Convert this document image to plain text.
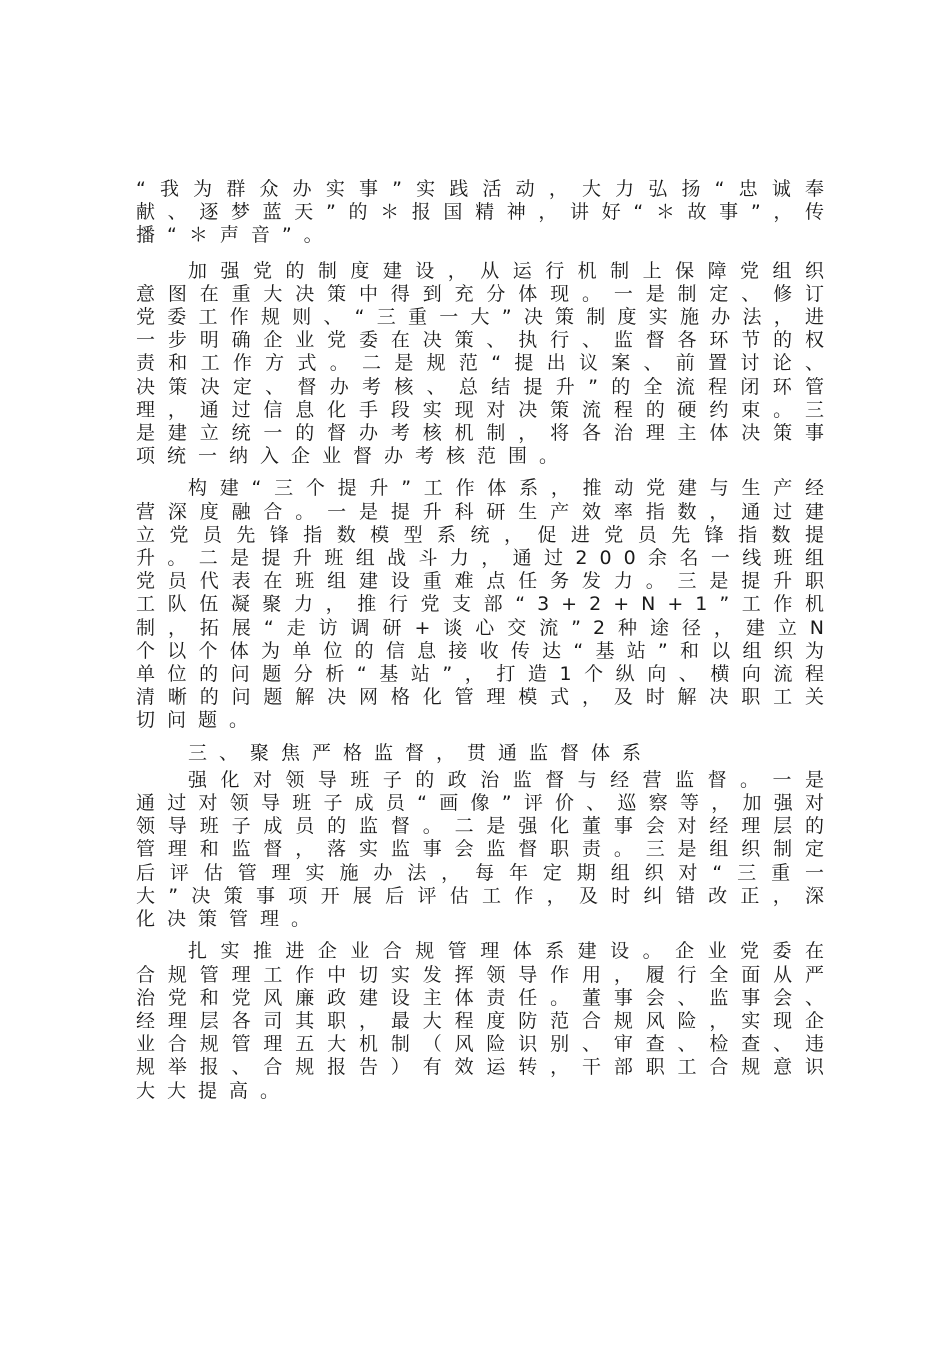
“我为群众办实事”实践活动，大力弘扬“忠诚奉献、逐梦蓝天”的＊报国精神，讲好“＊故事”，传播“＊声音”。

加强党的制度建设，从运行机制上保障党组织意图在重大决策中得到充分体现。一是制定、修订党委工作规则、“三重一大”决策制度实施办法，进一步明确企业党委在决策、执行、监督各环节的权责和工作方式。二是规范“提出议案、前置讨论、决策决定、督办考核、总结提升”的全流程闭环管理，通过信息化手段实现对决策流程的硬约束。三是建立统一的督办考核机制，将各治理主体决策事项统一纳入企业督办考核范围。

构建“三个提升”工作体系，推动党建与生产经营深度融合。一是提升科研生产效率指数，通过建立党员先锋指数模型系统，促进党员先锋指数提升。二是提升班组战斗力，通过200余名一线班组党员代表在班组建设重难点任务发力。三是提升职工队伍凝聚力，推行党支部“3+2+N+1”工作机制，拓展“走访调研+谈心交流”2种途径，建立N个以个体为单位的信息接收传达“基站”和以组织为单位的问题分析“基站”，打造1个纵向、横向流程清晰的问题解决网格化管理模式，及时解决职工关切问题。

三、聚焦严格监督，贯通监督体系

强化对领导班子的政治监督与经营监督。一是通过对领导班子成员“画像”评价、巡察等，加强对领导班子成员的监督。二是强化董事会对经理层的管理和监督，落实监事会监督职责。三是组织制定后评估管理实施办法，每年定期组织对“三重一大”决策事项开展后评估工作，及时纠错改正，深化决策管理。

扎实推进企业合规管理体系建设。企业党委在合规管理工作中切实发挥领导作用，履行全面从严治党和党风廉政建设主体责任。董事会、监事会、经理层各司其职，最大程度防范合规风险，实现企业合规管理五大机制（风险识别、审查、检查、违规举报、合规报告）有效运转，干部职工合规意识大大提高。
